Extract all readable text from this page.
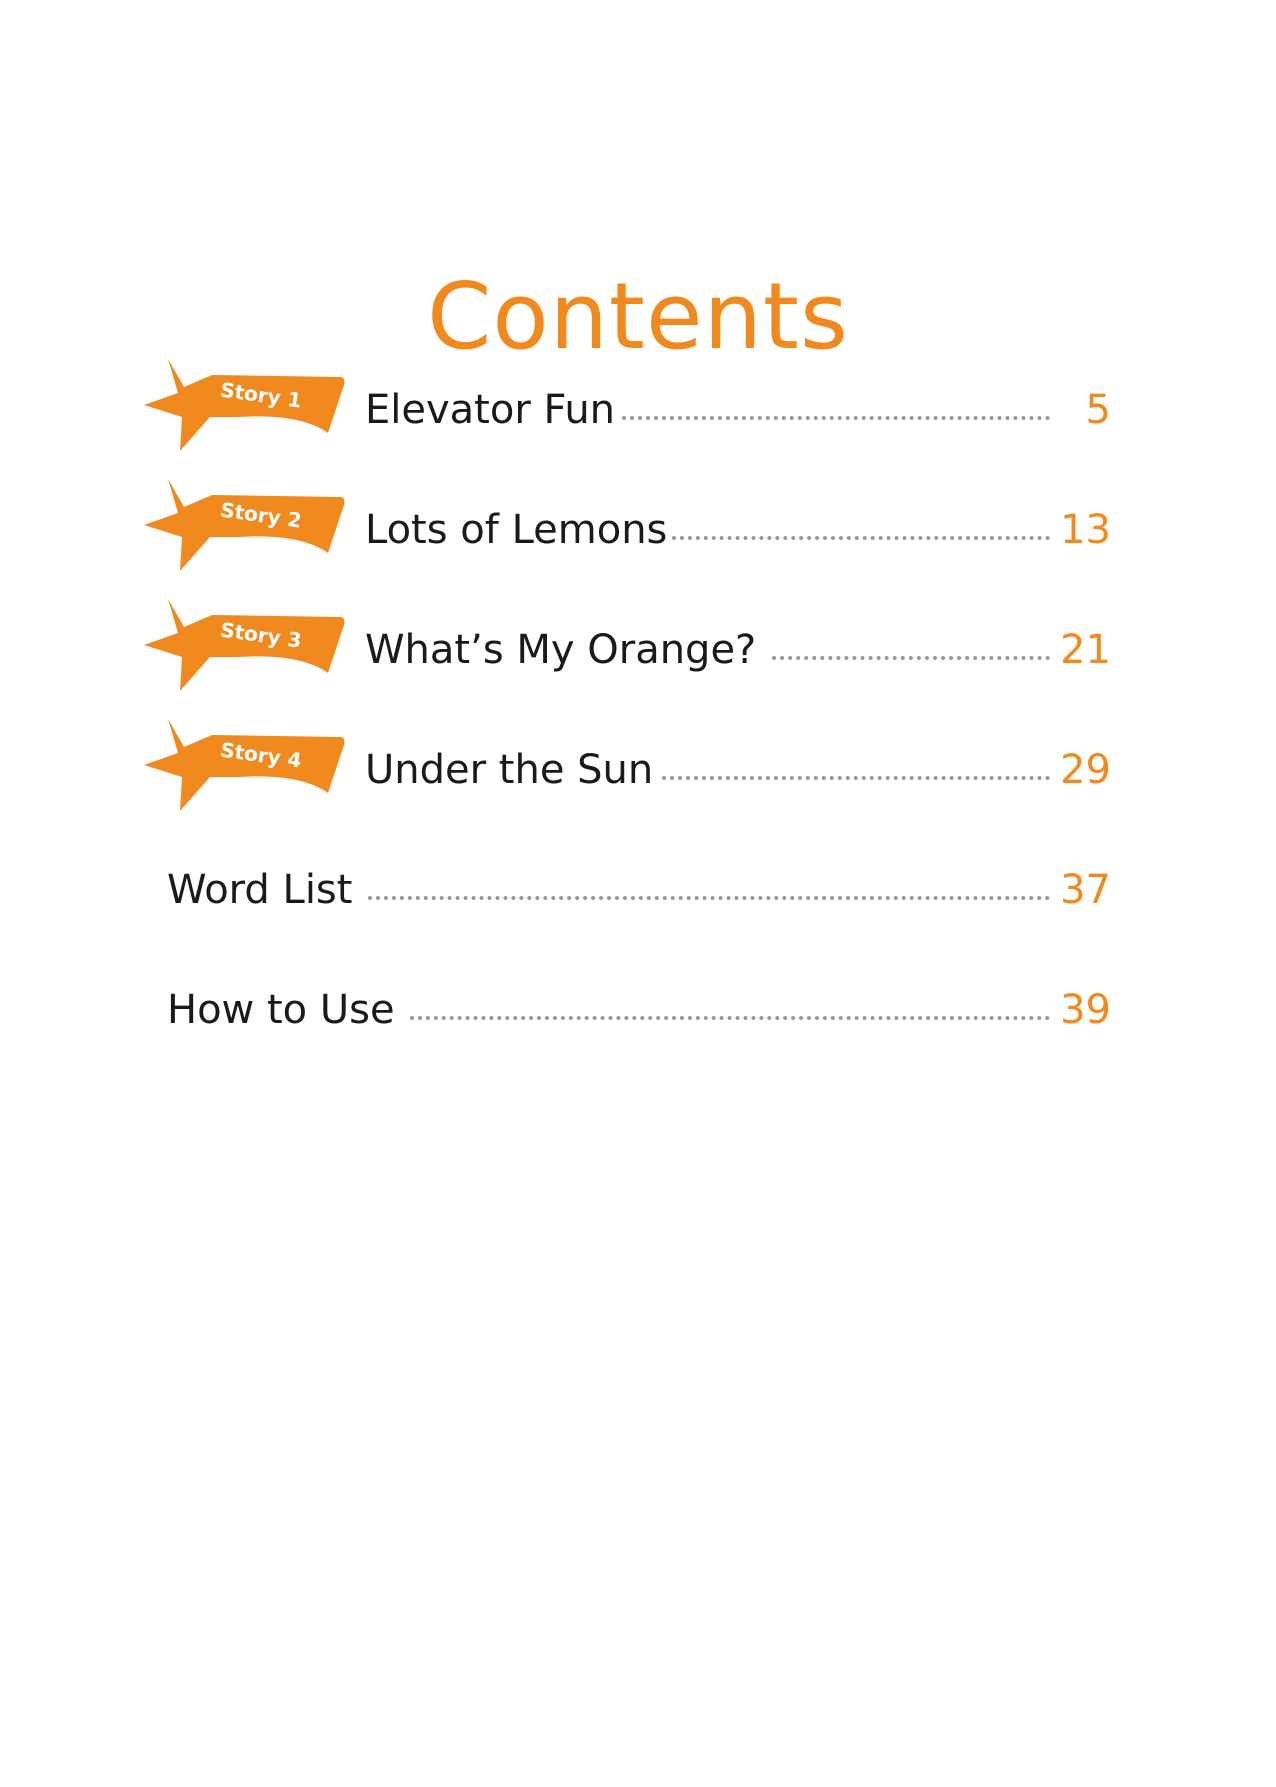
Contents
Story 1 Elevator Fun	5
Story 2 Lots of Lemons	13
Story 3 What’s My Orange?	21
Story 4 Under the Sun	29
Word List	37
How to Use	39
